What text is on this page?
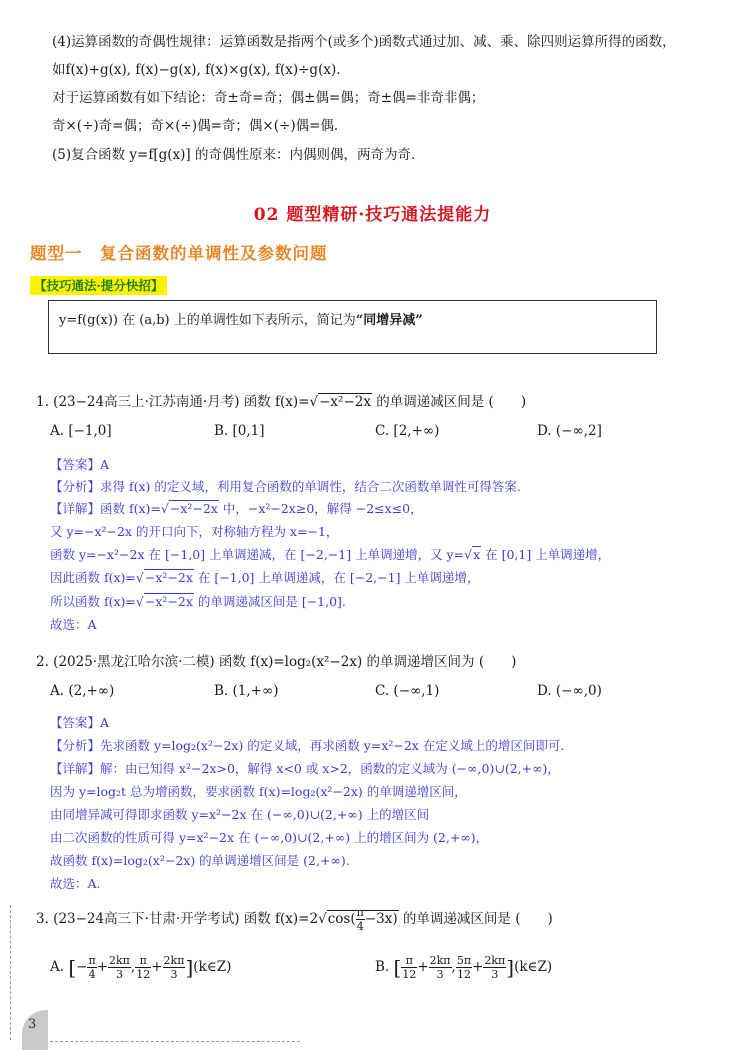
(4)运算函数的奇偶性规律：运算函数是指两个(或多个)函数式通过加、减、乘、除四则运算所得的函数，
如f(x)+g(x), f(x)−g(x), f(x)×g(x), f(x)÷g(x).
对于运算函数有如下结论：奇±奇=奇；偶±偶=偶；奇±偶=非奇非偶；
奇×(÷)奇=偶；奇×(÷)偶=奇；偶×(÷)偶=偶.
(5)复合函数 y=f[g(x)] 的奇偶性原来：内偶则偶，两奇为奇.
02 题型精研·技巧通法提能力
题型一　复合函数的单调性及参数问题
【技巧通法·提分快招】
y=f(g(x)) 在 (a,b) 上的单调性如下表所示，简记为“同增异减”
1. (23−24高三上·江苏南通·月考) 函数 f(x)=√−x²−2x 的单调递减区间是 (　　)
A. [−1,0]	B. [0,1]	C. [2,+∞)	D. (−∞,2]
【答案】A
【分析】求得 f(x) 的定义域，利用复合函数的单调性，结合二次函数单调性可得答案.
【详解】函数 f(x)=√−x²−2x 中，−x²−2x≥0，解得 −2≤x≤0，
又 y=−x²−2x 的开口向下，对称轴方程为 x=−1，
函数 y=−x²−2x 在 [−1,0] 上单调递减，在 [−2,−1] 上单调递增，又 y=√x 在 [0,1] 上单调递增，
因此函数 f(x)=√−x²−2x 在 [−1,0] 上单调递减，在 [−2,−1] 上单调递增，
所以函数 f(x)=√−x²−2x 的单调递减区间是 [−1,0].
故选：A
2. (2025·黑龙江哈尔滨·二模) 函数 f(x)=log₂(x²−2x) 的单调递增区间为 (　　)
A. (2,+∞)	B. (1,+∞)	C. (−∞,1)	D. (−∞,0)
【答案】A
【分析】先求函数 y=log₂(x²−2x) 的定义域，再求函数 y=x²−2x 在定义域上的增区间即可.
【详解】解：由已知得 x²−2x>0，解得 x<0 或 x>2，函数的定义域为 (−∞,0)∪(2,+∞)，
因为 y=log₂t 总为增函数，要求函数 f(x)=log₂(x²−2x) 的单调递增区间，
由同增异减可得即求函数 y=x²−2x 在 (−∞,0)∪(2,+∞) 上的增区间
由二次函数的性质可得 y=x²−2x 在 (−∞,0)∪(2,+∞) 上的增区间为 (2,+∞)，
故函数 f(x)=log₂(x²−2x) 的单调递增区间是 (2,+∞).
故选：A.
3. (23−24高三下·甘肃·开学考试) 函数 $f(x)=2√\cos( \frac{\pi}{4} -3x)$ 的单调递减区间是 (　　)
A. [− $\frac{\pi}{4} + \frac{2k\pi}{3}$ , $\frac{\pi}{12} + \frac{2k\pi}{3}$ ](k∈Z)	B. [ $\frac{\pi}{12} + \frac{2k\pi}{3}$ , $\frac{5\pi}{12} + \frac{2k\pi}{3}$ ](k∈Z)
3
